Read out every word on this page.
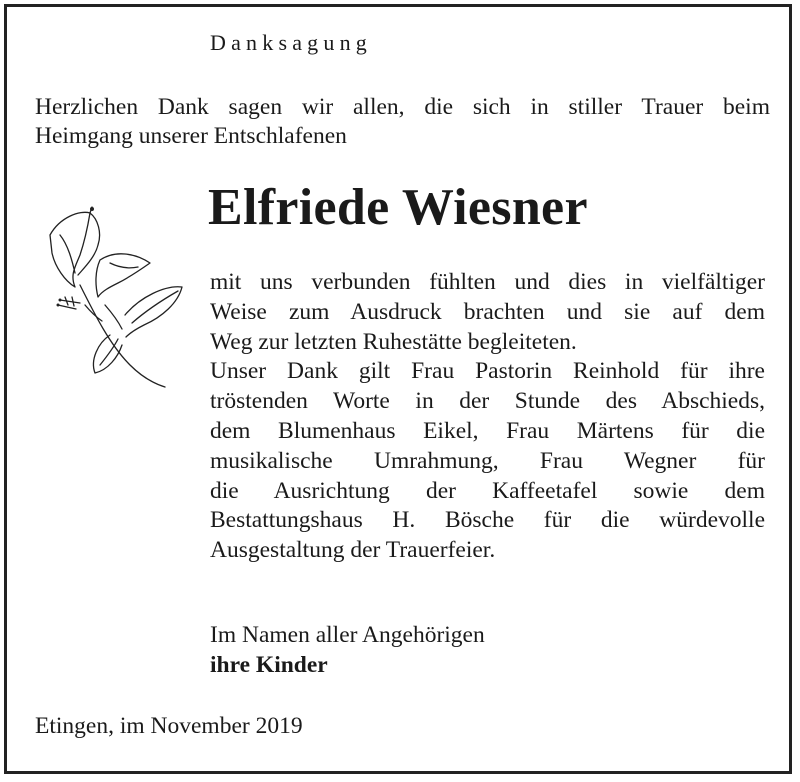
Danksagung

Herzlichen Dank sagen wir allen, die sich in stiller Trauer beim
Heimgang unserer Entschlafenen

Elfriede Wiesner

mit uns verbunden fühlten und dies in vielfältiger
Weise zum Ausdruck brachten und sie auf dem
Weg zur letzten Ruhestätte begleiteten.
Unser Dank gilt Frau Pastorin Reinhold für ihre
tröstenden Worte in der Stunde des Abschieds,
dem Blumenhaus Eikel, Frau Märtens für die
musikalische Umrahmung, Frau Wegner für
die Ausrichtung der Kaffeetafel sowie dem
Bestattungshaus H. Bösche für die würdevolle
Ausgestaltung der Trauerfeier.

Im Namen aller Angehörigen
ihre Kinder
Etingen, im November 2019
